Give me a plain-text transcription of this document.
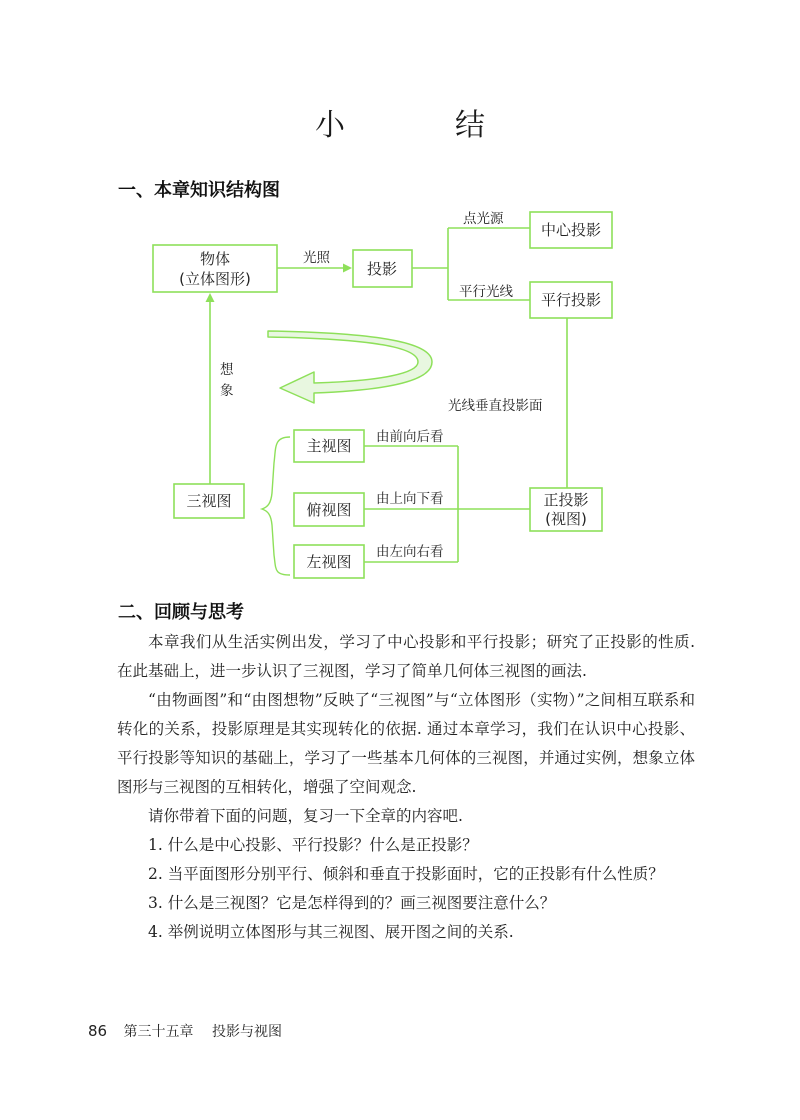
小　结
一、本章知识结构图
物体
(立体图形)
投影
中心投影
平行投影
三视图
主视图
俯视图
左视图
正投影
(视图)
光照
点光源
平行光线
想
象
光线垂直投影面
由前向后看
由上向下看
由左向右看
二、回顾与思考

本章我们从生活实例出发，学习了中心投影和平行投影；研究了正投影的性质. 在此基础上，进一步认识了三视图，学习了简单几何体三视图的画法.

“由物画图”和“由图想物”反映了“三视图”与“立体图形（实物）”之间相互联系和转化的关系，投影原理是其实现转化的依据. 通过本章学习，我们在认识中心投影、平行投影等知识的基础上，学习了一些基本几何体的三视图，并通过实例，想象立体图形与三视图的互相转化，增强了空间观念.

请你带着下面的问题，复习一下全章的内容吧.

1. 什么是中心投影、平行投影？什么是正投影？

2. 当平面图形分别平行、倾斜和垂直于投影面时，它的正投影有什么性质？

3. 什么是三视图？它是怎样得到的？画三视图要注意什么？

4. 举例说明立体图形与其三视图、展开图之间的关系.

86 第三十五章 投影与视图
